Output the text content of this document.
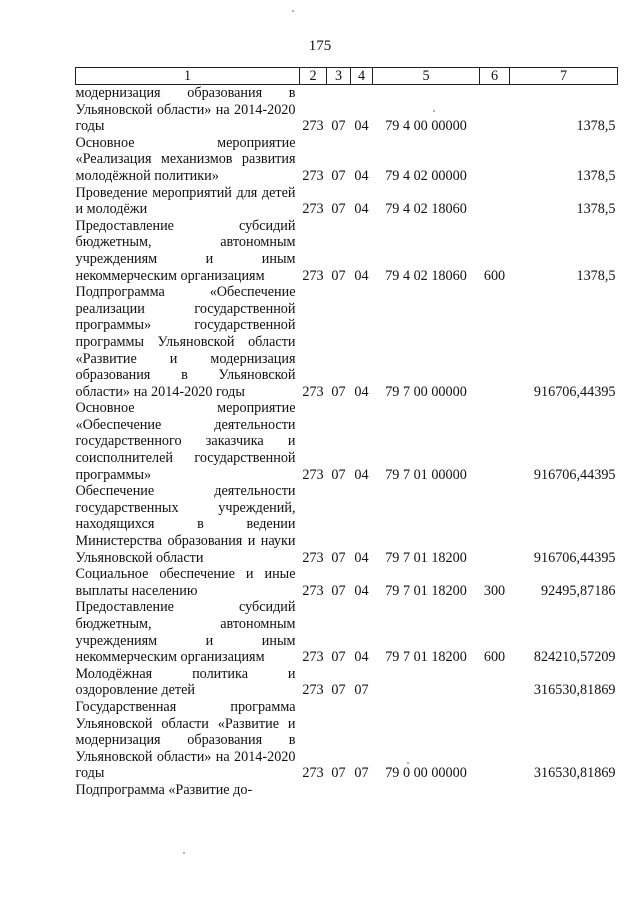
175
1	2	3	4	5	6	7
модернизация образования в Ульяновской области» на 2014-2020 годы	273	07	04	79 4 00 00000		1378,5
Основное мероприятие «Реализация механизмов развития молодёжной политики»	273	07	04	79 4 02 00000		1378,5
Проведение мероприятий для детей и молодёжи	273	07	04	79 4 02 18060		1378,5
Предоставление субсидий бюджетным, автономным учреждениям и иным некоммерческим организациям	273	07	04	79 4 02 18060	600	1378,5
Подпрограмма «Обеспечение реализации государственной программы» государственной программы Ульяновской области «Развитие и модернизация образования в Ульяновской области» на 2014-2020 годы	273	07	04	79 7 00 00000		916706,44395
Основное мероприятие «Обеспечение деятельности государственного заказчика и соисполнителей государственной программы»	273	07	04	79 7 01 00000		916706,44395
Обеспечение деятельности государственных учреждений, находящихся в ведении Министерства образования и науки Ульяновской области	273	07	04	79 7 01 18200		916706,44395
Социальное обеспечение и иные выплаты населению	273	07	04	79 7 01 18200	300	92495,87186
Предоставление субсидий бюджетным, автономным учреждениям и иным некоммерческим организациям	273	07	04	79 7 01 18200	600	824210,57209
Молодёжная политика и оздоровление детей	273	07	07			316530,81869
Государственная программа Ульяновской области «Развитие и модернизация образования в Ульяновской области» на 2014-2020 годы	273	07	07	79 0 00 00000		316530,81869
Подпрограмма «Развитие до-						
